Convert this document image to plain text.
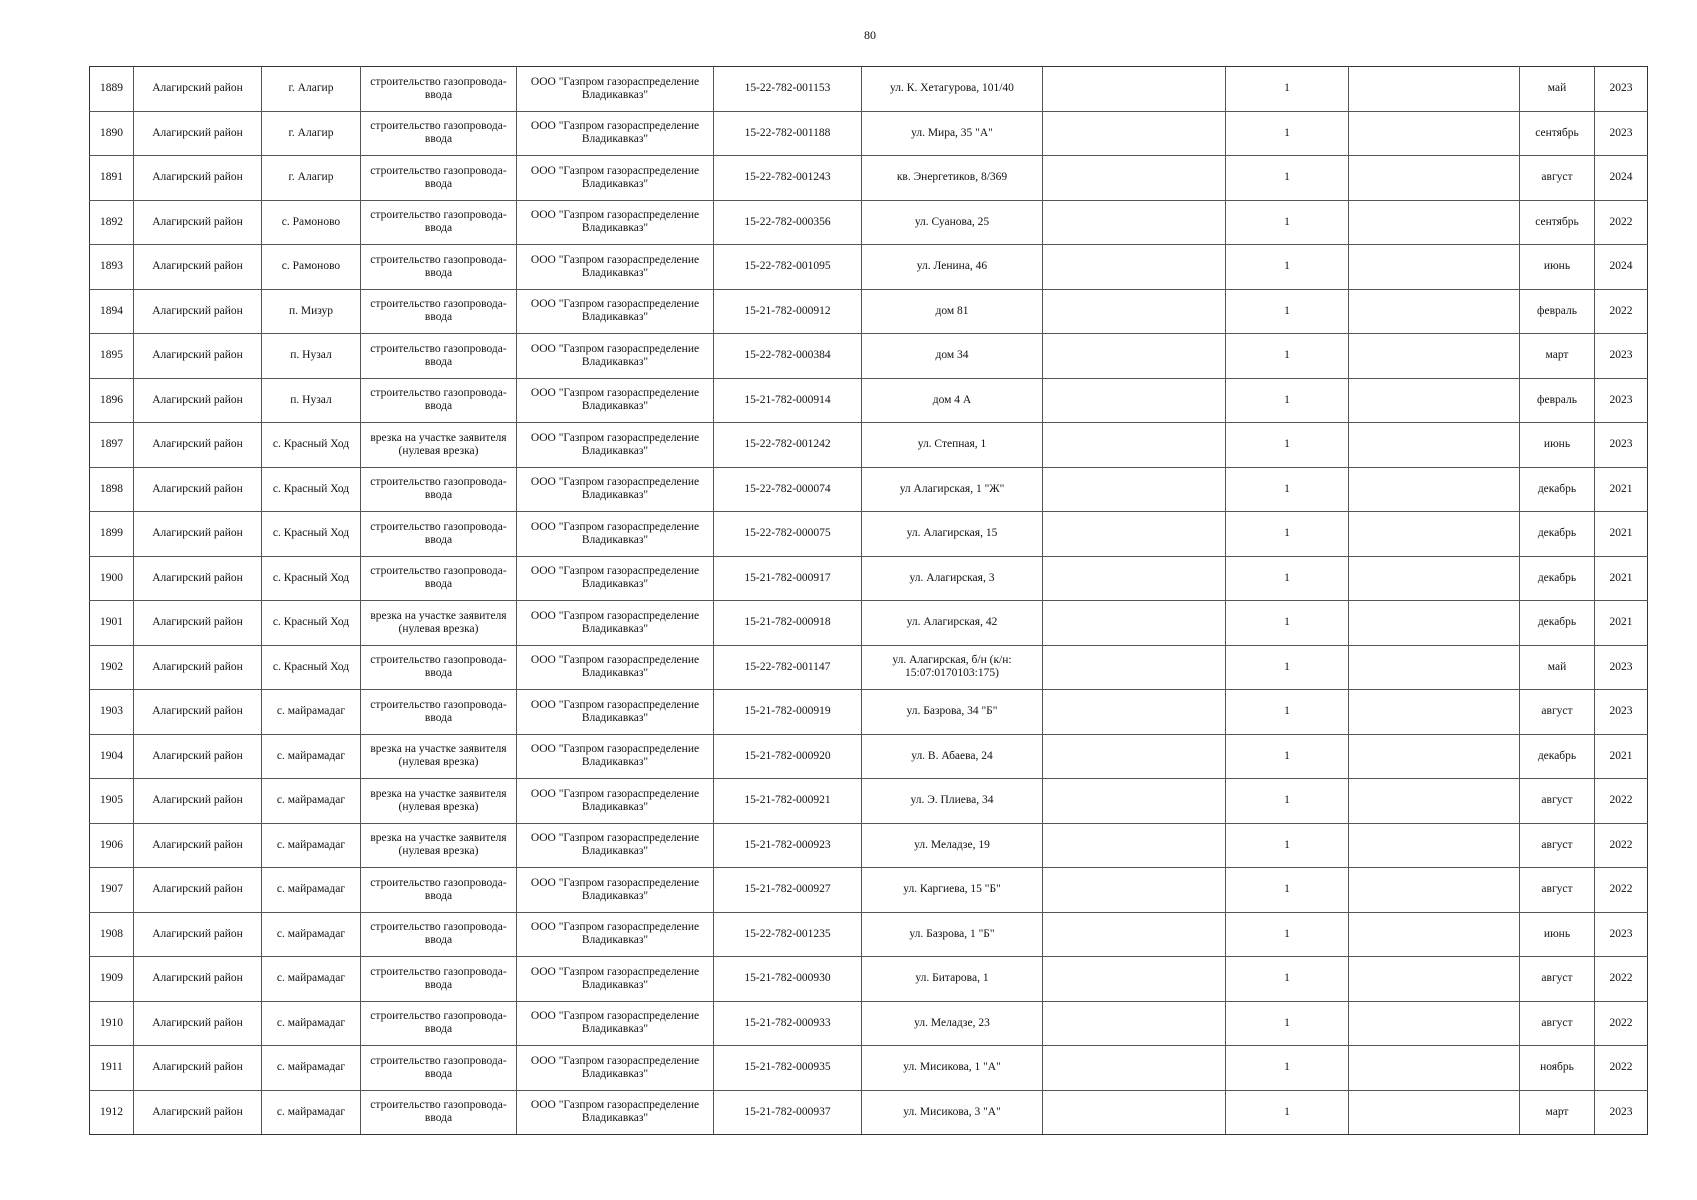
80
1889	Алагирский район	г. Алагир	строительство газопровода-ввода	ООО "Газпром газораспределение Владикавказ"	15-22-782-001153	ул. К. Хетагурова, 101/40		1		май	2023
1890	Алагирский район	г. Алагир	строительство газопровода-ввода	ООО "Газпром газораспределение Владикавказ"	15-22-782-001188	ул. Мира, 35 "А"		1		сентябрь	2023
1891	Алагирский район	г. Алагир	строительство газопровода-ввода	ООО "Газпром газораспределение Владикавказ"	15-22-782-001243	кв. Энергетиков, 8/369		1		август	2024
1892	Алагирский район	с. Рамоново	строительство газопровода-ввода	ООО "Газпром газораспределение Владикавказ"	15-22-782-000356	ул. Суанова, 25		1		сентябрь	2022
1893	Алагирский район	с. Рамоново	строительство газопровода-ввода	ООО "Газпром газораспределение Владикавказ"	15-22-782-001095	ул. Ленина, 46		1		июнь	2024
1894	Алагирский район	п. Мизур	строительство газопровода-ввода	ООО "Газпром газораспределение Владикавказ"	15-21-782-000912	дом 81		1		февраль	2022
1895	Алагирский район	п. Нузал	строительство газопровода-ввода	ООО "Газпром газораспределение Владикавказ"	15-22-782-000384	дом 34		1		март	2023
1896	Алагирский район	п. Нузал	строительство газопровода-ввода	ООО "Газпром газораспределение Владикавказ"	15-21-782-000914	дом 4 А		1		февраль	2023
1897	Алагирский район	с. Красный Ход	врезка на участке заявителя (нулевая врезка)	ООО "Газпром газораспределение Владикавказ"	15-22-782-001242	ул. Степная, 1		1		июнь	2023
1898	Алагирский район	с. Красный Ход	строительство газопровода-ввода	ООО "Газпром газораспределение Владикавказ"	15-22-782-000074	ул Алагирская, 1 "Ж"		1		декабрь	2021
1899	Алагирский район	с. Красный Ход	строительство газопровода-ввода	ООО "Газпром газораспределение Владикавказ"	15-22-782-000075	ул. Алагирская, 15		1		декабрь	2021
1900	Алагирский район	с. Красный Ход	строительство газопровода-ввода	ООО "Газпром газораспределение Владикавказ"	15-21-782-000917	ул. Алагирская, 3		1		декабрь	2021
1901	Алагирский район	с. Красный Ход	врезка на участке заявителя (нулевая врезка)	ООО "Газпром газораспределение Владикавказ"	15-21-782-000918	ул. Алагирская, 42		1		декабрь	2021
1902	Алагирский район	с. Красный Ход	строительство газопровода-ввода	ООО "Газпром газораспределение Владикавказ"	15-22-782-001147	ул. Алагирская, б/н (к/н: 15:07:0170103:175)		1		май	2023
1903	Алагирский район	с. майрамадаг	строительство газопровода-ввода	ООО "Газпром газораспределение Владикавказ"	15-21-782-000919	ул. Базрова, 34 "Б"		1		август	2023
1904	Алагирский район	с. майрамадаг	врезка на участке заявителя (нулевая врезка)	ООО "Газпром газораспределение Владикавказ"	15-21-782-000920	ул. В. Абаева, 24		1		декабрь	2021
1905	Алагирский район	с. майрамадаг	врезка на участке заявителя (нулевая врезка)	ООО "Газпром газораспределение Владикавказ"	15-21-782-000921	ул. Э. Плиева, 34		1		август	2022
1906	Алагирский район	с. майрамадаг	врезка на участке заявителя (нулевая врезка)	ООО "Газпром газораспределение Владикавказ"	15-21-782-000923	ул. Меладзе, 19		1		август	2022
1907	Алагирский район	с. майрамадаг	строительство газопровода-ввода	ООО "Газпром газораспределение Владикавказ"	15-21-782-000927	ул. Каргиева, 15 "Б"		1		август	2022
1908	Алагирский район	с. майрамадаг	строительство газопровода-ввода	ООО "Газпром газораспределение Владикавказ"	15-22-782-001235	ул. Базрова, 1 "Б"		1		июнь	2023
1909	Алагирский район	с. майрамадаг	строительство газопровода-ввода	ООО "Газпром газораспределение Владикавказ"	15-21-782-000930	ул. Битарова, 1		1		август	2022
1910	Алагирский район	с. майрамадаг	строительство газопровода-ввода	ООО "Газпром газораспределение Владикавказ"	15-21-782-000933	ул. Меладзе, 23		1		август	2022
1911	Алагирский район	с. майрамадаг	строительство газопровода-ввода	ООО "Газпром газораспределение Владикавказ"	15-21-782-000935	ул. Мисикова, 1 "А"		1		ноябрь	2022
1912	Алагирский район	с. майрамадаг	строительство газопровода-ввода	ООО "Газпром газораспределение Владикавказ"	15-21-782-000937	ул. Мисикова, 3 "А"		1		март	2023
